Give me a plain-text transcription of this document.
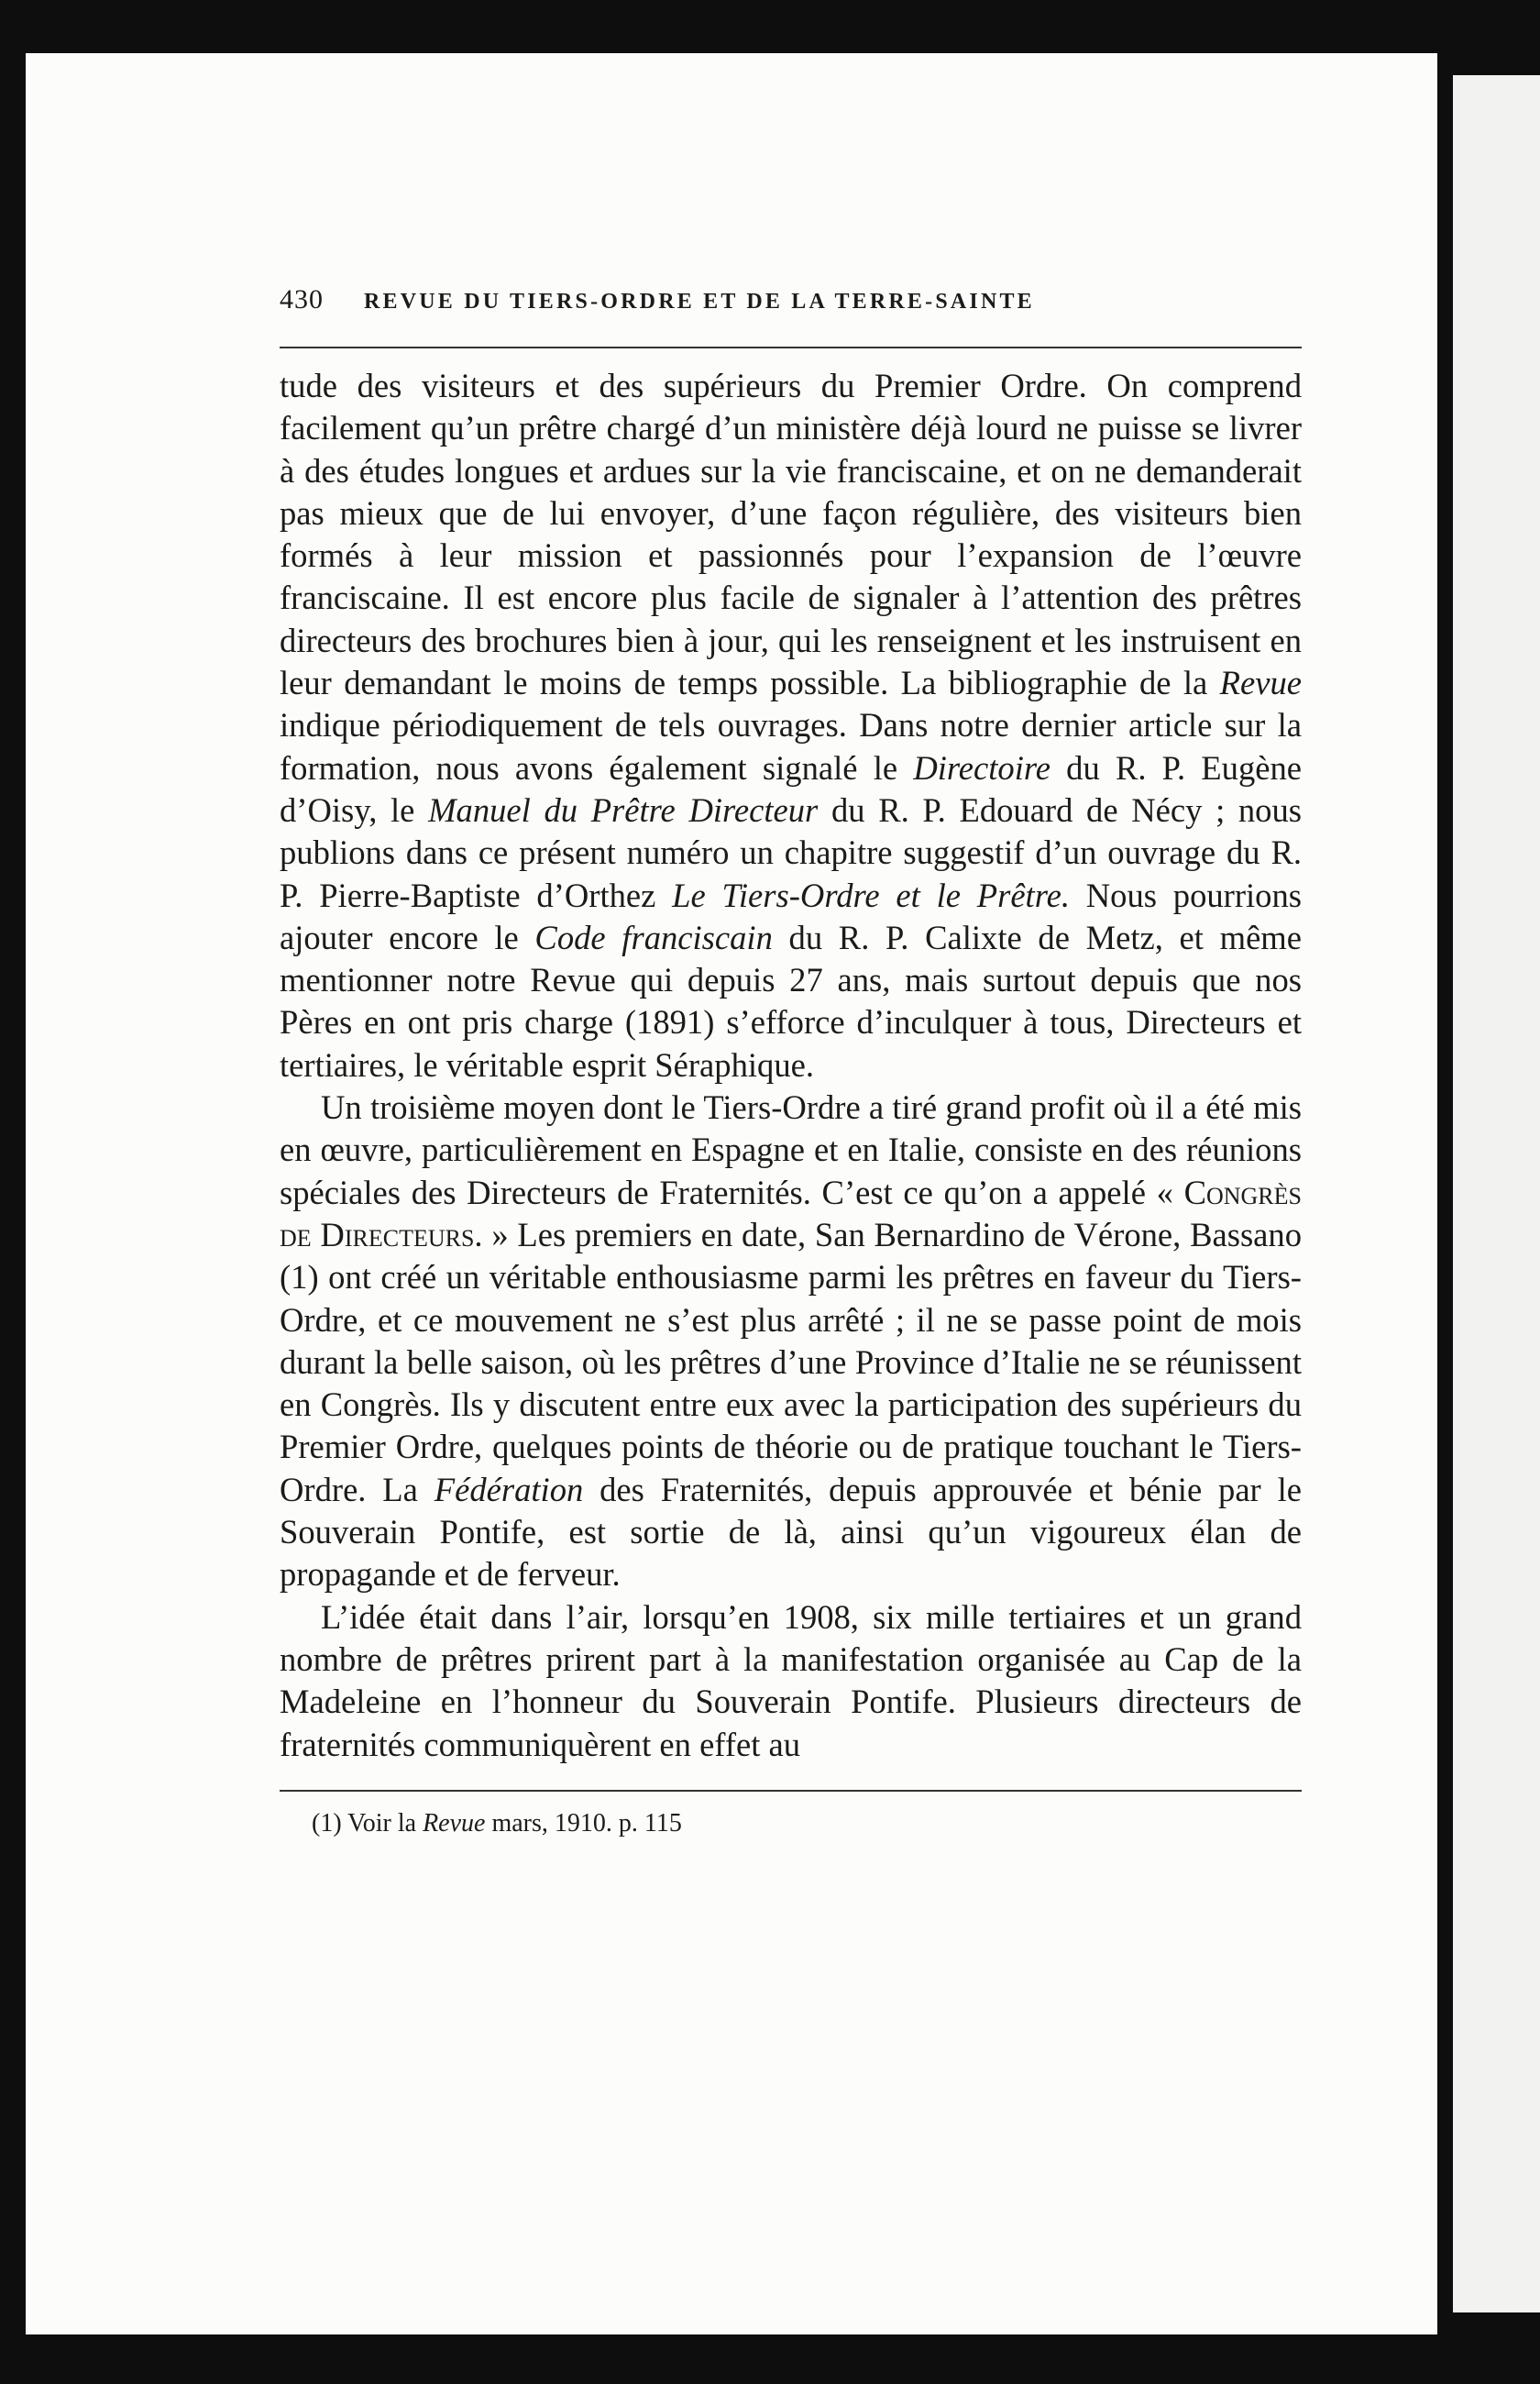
430 REVUE DU TIERS-ORDRE ET DE LA TERRE-SAINTE

tude des visiteurs et des supérieurs du Premier Ordre. On comprend facilement qu’un prêtre chargé d’un ministère déjà lourd ne puisse se livrer à des études longues et ardues sur la vie franciscaine, et on ne demanderait pas mieux que de lui envoyer, d’une façon régulière, des visiteurs bien formés à leur mission et passionnés pour l’expansion de l’œuvre franciscaine. Il est encore plus facile de signaler à l’attention des prêtres directeurs des brochures bien à jour, qui les renseignent et les instruisent en leur demandant le moins de temps possible. La bibliographie de la Revue indique périodiquement de tels ouvrages. Dans notre dernier article sur la formation, nous avons également signalé le Directoire du R. P. Eugène d’Oisy, le Manuel du Prêtre Directeur du R. P. Edouard de Nécy ; nous publions dans ce présent numéro un chapitre suggestif d’un ouvrage du R. P. Pierre-Baptiste d’Orthez Le Tiers-Ordre et le Prêtre. Nous pourrions ajouter encore le Code franciscain du R. P. Calixte de Metz, et même mentionner notre Revue qui depuis 27 ans, mais surtout depuis que nos Pères en ont pris charge (1891) s’efforce d’inculquer à tous, Directeurs et tertiaires, le véritable esprit Séraphique.

Un troisième moyen dont le Tiers-Ordre a tiré grand profit où il a été mis en œuvre, particulièrement en Espagne et en Italie, consiste en des réunions spéciales des Directeurs de Fraternités. C’est ce qu’on a appelé « Congrès de Directeurs. » Les premiers en date, San Bernardino de Vérone, Bassano (1) ont créé un véritable enthousiasme parmi les prêtres en faveur du Tiers-Ordre, et ce mouvement ne s’est plus arrêté ; il ne se passe point de mois durant la belle saison, où les prêtres d’une Province d’Italie ne se réunissent en Congrès. Ils y discutent entre eux avec la participation des supérieurs du Premier Ordre, quelques points de théorie ou de pratique touchant le Tiers-Ordre. La Fédération des Fraternités, depuis approuvée et bénie par le Souverain Pontife, est sortie de là, ainsi qu’un vigoureux élan de propagande et de ferveur.

L’idée était dans l’air, lorsqu’en 1908, six mille tertiaires et un grand nombre de prêtres prirent part à la manifestation organisée au Cap de la Madeleine en l’honneur du Souverain Pontife. Plusieurs directeurs de fraternités communiquèrent en effet au

(1) Voir la Revue mars, 1910. p. 115
